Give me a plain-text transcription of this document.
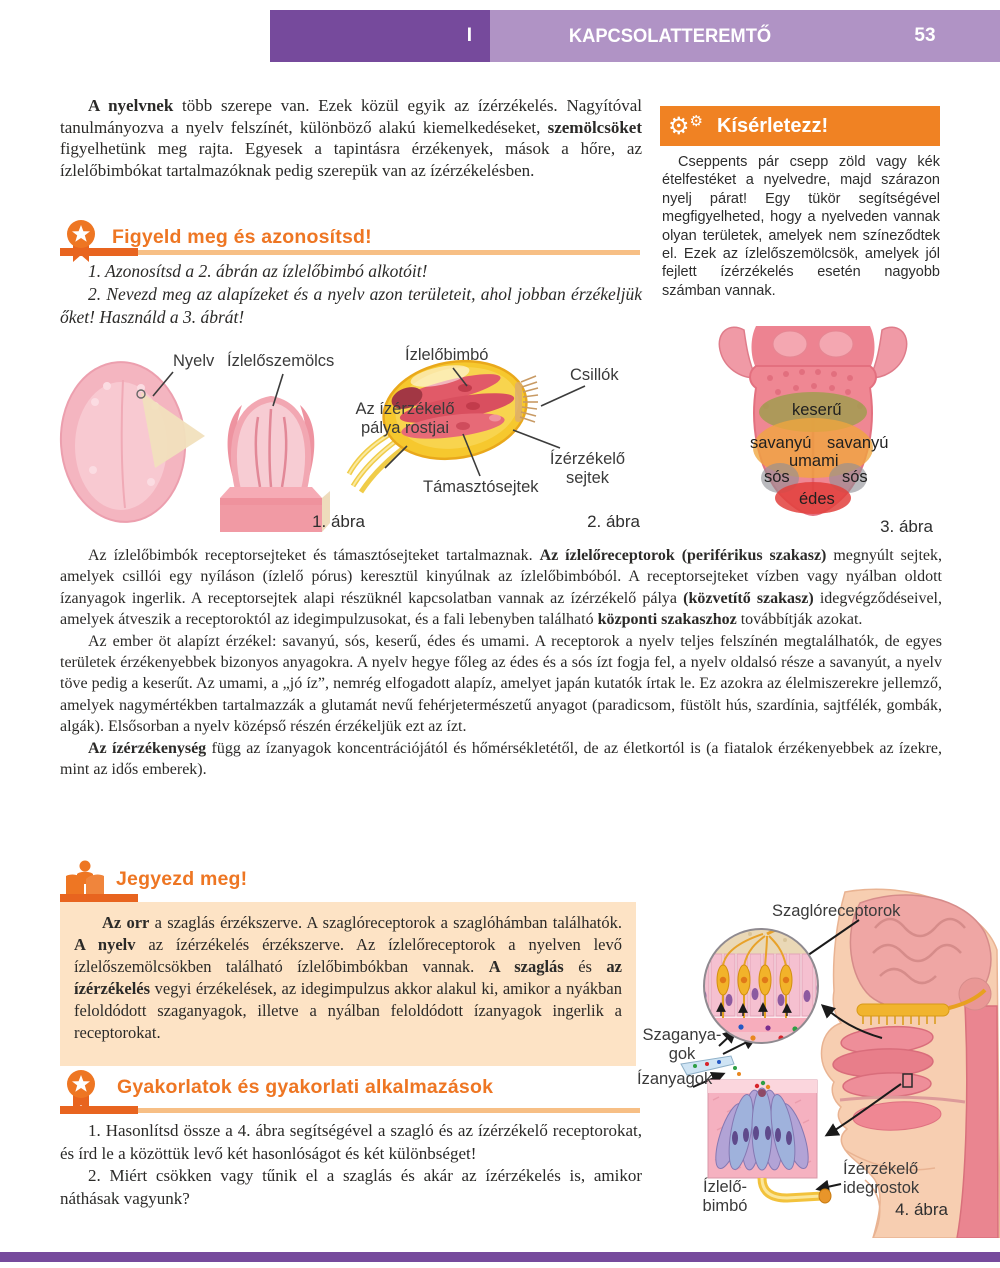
I	KAPCSOLATTEREMTŐ ÉLETMŰKÖDÉSEK
53

A nyelvnek több szerepe van. Ezek közül egyik az ízérzékelés. Nagyítóval tanulmányozva a nyelv felszínét, különböző alakú kiemelkedéseket, szemölcsöket figyelhetünk meg rajta. Egyesek a tapintásra érzékenyek, mások a hőre, az ízlelőbimbókat tartalmazóknak pedig szerepük van az ízérzékelésben.

Figyeld meg és azonosítsd!

1. Azonosítsd a 2. ábrán az ízlelőbimbó alkotóit!

2. Nevezd meg az alapízeket és a nyelv azon területeit, ahol jobban érzékeljük őket! Használd a 3. ábrát!

⚙⚙ Kísérletezz!

Cseppents pár csepp zöld vagy kék ételfestéket a nyelvedre, majd szárazon nyelj párat! Egy tükör segítségével megfigyelheted, hogy a nyelveden vannak olyan területek, amelyek nem színeződtek el. Ezek az ízlelőszemölcsök, amelyek jól fejlett ízérzékelés esetén nagyobb számban vannak.

Nyelv Ízlelőszemölcs
1. ábra
Ízlelőbimbó
Csillók
Az ízérzékelő
pálya rostjai
Támasztósejtek
Ízérzékelő
sejtek
2. ábra
keserű
savanyú savanyú
umami
sós	sós
édes
3. ábra

Az ízlelőbimbók receptorsejteket és támasztósejteket tartalmaznak. Az ízlelőreceptorok (periférikus szakasz) megnyúlt sejtek, amelyek csillói egy nyíláson (ízlelő pórus) keresztül kinyúlnak az ízlelőbimbóból. A receptorsejteket vízben vagy nyálban oldott ízanyagok ingerlik. A receptorsejtek alapi részüknél kapcsolatban vannak az ízérzékelő pálya (közvetítő szakasz) idegvégződéseivel, amelyek átveszik a receptoroktól az idegimpulzusokat, és a fali lebenyben található központi szakaszhoz továbbítják azokat.

Az ember öt alapízt érzékel: savanyú, sós, keserű, édes és umami. A receptorok a nyelv teljes felszínén megtalálhatók, de egyes területek érzékenyebbek bizonyos anyagokra. A nyelv hegye főleg az édes és a sós ízt fogja fel, a nyelv oldalsó része a savanyút, a nyelv töve pedig a keserűt. Az umami, a „jó íz”, nemrég elfogadott alapíz, amelyet japán kutatók írtak le. Ez azokra az élelmiszerekre jellemző, amelyek nagymértékben tartalmazzák a glutamát nevű fehérjetermészetű anyagot (paradicsom, füstölt hús, szardínia, sajtfélék, gombák, algák). Elsősorban a nyelv középső részén érzékeljük ezt az ízt.

Az ízérzékenység függ az ízanyagok koncentrációjától és hőmérsékletétől, de az életkortól is (a fiatalok érzékenyebbek az ízekre, mint az idős emberek).

Jegyezd meg!

Az orr a szaglás érzékszerve. A szaglóreceptorok a szaglóhámban találhatók. A nyelv az ízérzékelés érzékszerve. Az ízlelőreceptorok a nyelven levő ízlelőszemölcsökben található ízlelőbimbókban vannak. A szaglás és az ízérzékelés vegyi érzékelések, az idegimpulzus akkor alakul ki, amikor a nyákban feloldódott szaganyagok, illetve a nyálban feloldódott ízanyagok ingerlik a receptorokat.

Gyakorlatok és gyakorlati alkalmazások

1. Hasonlítsd össze a 4. ábra segítségével a szagló és az ízérzékelő receptorokat, és írd le a közöttük levő két hasonlóságot és két különbséget!

2. Miért csökken vagy tűnik el a szaglás és akár az ízérzékelés is, amikor náthásak vagyunk?

Szaglóreceptorok
Szaganya-
gok
Ízanyagok
Ízlelő-
bimbó
Ízérzékelő
idegrostok
4. ábra
